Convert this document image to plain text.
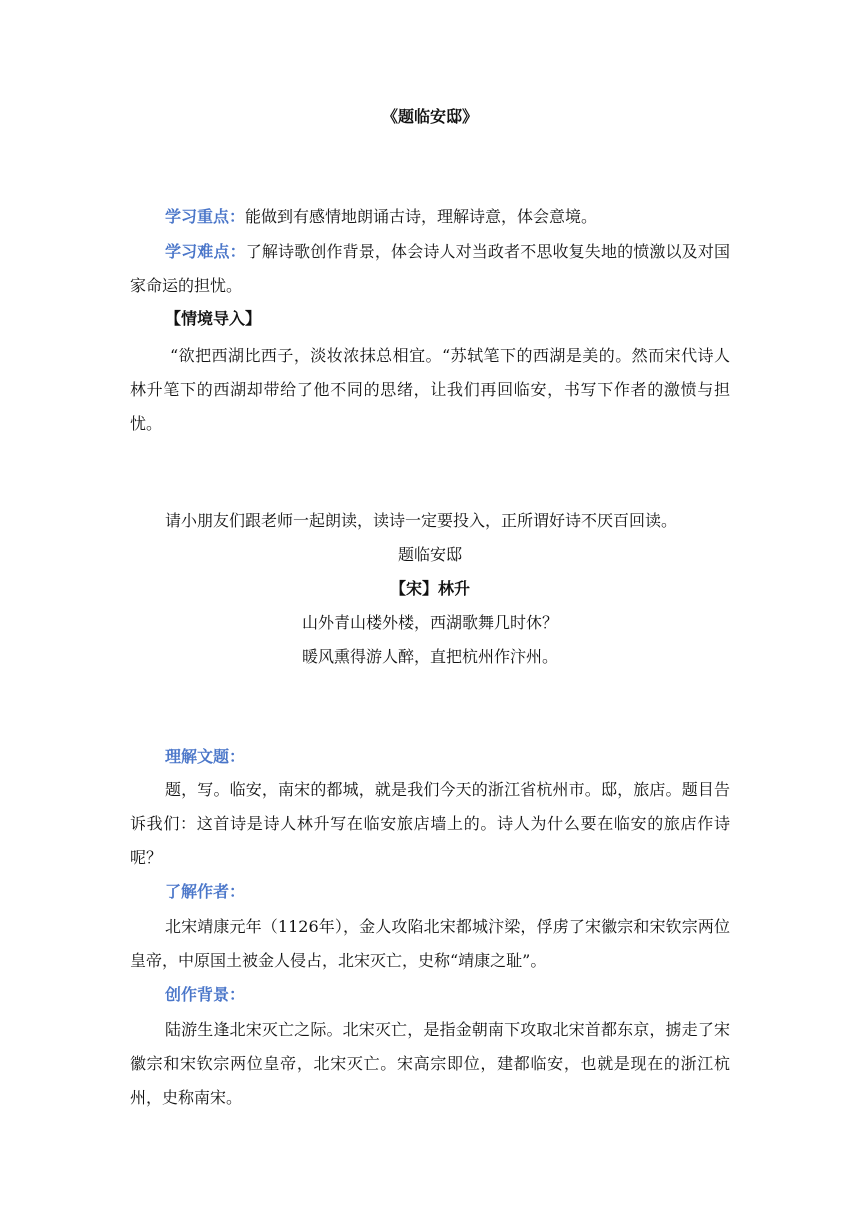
《题临安邸》
学习重点：能做到有感情地朗诵古诗，理解诗意，体会意境。
学习难点：了解诗歌创作背景，体会诗人对当政者不思收复失地的愤激以及对国家命运的担忧。
【情境导入】
“欲把西湖比西子，淡妆浓抹总相宜。“苏轼笔下的西湖是美的。然而宋代诗人林升笔下的西湖却带给了他不同的思绪，让我们再回临安，书写下作者的激愤与担忧。
请小朋友们跟老师一起朗读，读诗一定要投入，正所谓好诗不厌百回读。
题临安邸
【宋】林升
山外青山楼外楼，西湖歌舞几时休？
暖风熏得游人醉，直把杭州作汴州。
理解文题：
题，写。临安，南宋的都城，就是我们今天的浙江省杭州市。邸，旅店。题目告诉我们：这首诗是诗人林升写在临安旅店墙上的。诗人为什么要在临安的旅店作诗呢？
了解作者：
北宋靖康元年（1126年），金人攻陷北宋都城汴梁，俘虏了宋徽宗和宋钦宗两位皇帝，中原国土被金人侵占，北宋灭亡，史称“靖康之耻”。
创作背景：
陆游生逢北宋灭亡之际。北宋灭亡，是指金朝南下攻取北宋首都东京，掳走了宋徽宗和宋钦宗两位皇帝，北宋灭亡。宋高宗即位，建都临安，也就是现在的浙江杭州，史称南宋。
